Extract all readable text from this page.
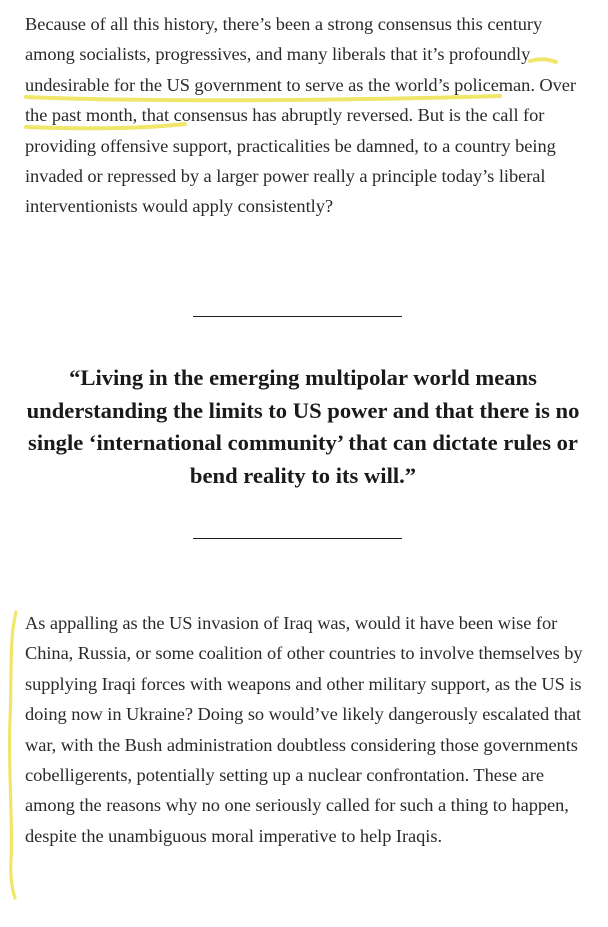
Because of all this history, there’s been a strong consensus this century among socialists, progressives, and many liberals that it’s profoundly undesirable for the US government to serve as the world’s policeman. Over the past month, that consensus has abruptly reversed. But is the call for providing offensive support, practicalities be damned, to a country being invaded or repressed by a larger power really a principle today’s liberal interventionists would apply consistently?

“Living in the emerging multipolar world means understanding the limits to US power and that there is no single ‘international community’ that can dictate rules or bend reality to its will.”

As appalling as the US invasion of Iraq was, would it have been wise for China, Russia, or some coalition of other countries to involve themselves by supplying Iraqi forces with weapons and other military support, as the US is doing now in Ukraine? Doing so would’ve likely dangerously escalated that war, with the Bush administration doubtless considering those governments cobelligerents, potentially setting up a nuclear confrontation. These are among the reasons why no one seriously called for such a thing to happen, despite the unambiguous moral imperative to help Iraqis.
